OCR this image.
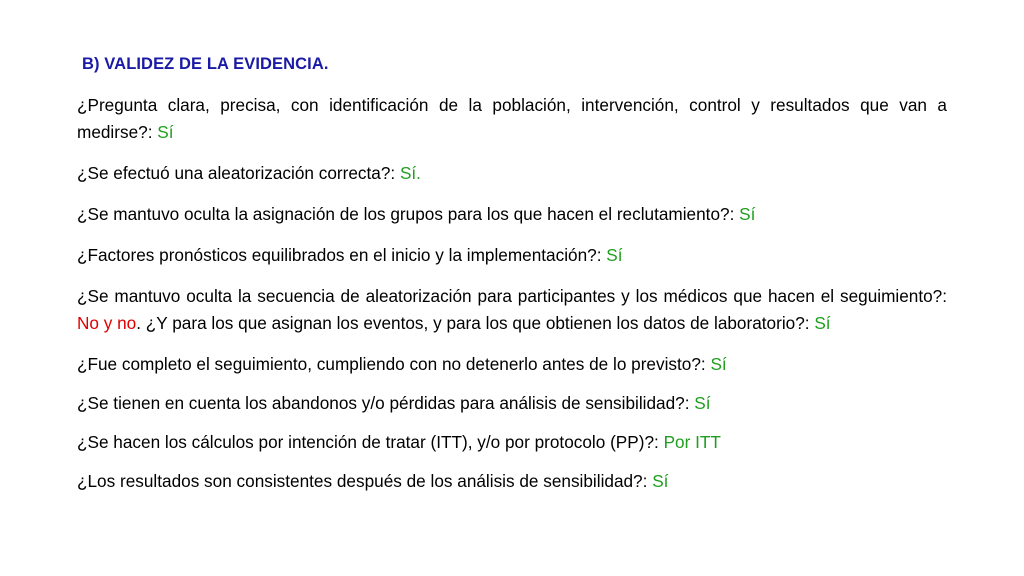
B) VALIDEZ DE LA EVIDENCIA.

¿Pregunta clara, precisa, con identificación de la población, intervención, control y resultados que van a medirse?: Sí

¿Se efectuó una aleatorización correcta?: Sí.

¿Se mantuvo oculta la asignación de los grupos para los que hacen el reclutamiento?: Sí

¿Factores pronósticos equilibrados en el inicio y la implementación?: Sí

¿Se mantuvo oculta la secuencia de aleatorización para participantes y los médicos que hacen el seguimiento?: No y no. ¿Y para los que asignan los eventos, y para los que obtienen los datos de laboratorio?: Sí

¿Fue completo el seguimiento, cumpliendo con no detenerlo antes de lo previsto?: Sí

¿Se tienen en cuenta los abandonos y/o pérdidas para análisis de sensibilidad?: Sí

¿Se hacen los cálculos por intención de tratar (ITT), y/o por protocolo (PP)?: Por ITT

¿Los resultados son consistentes después de los análisis de sensibilidad?: Sí
